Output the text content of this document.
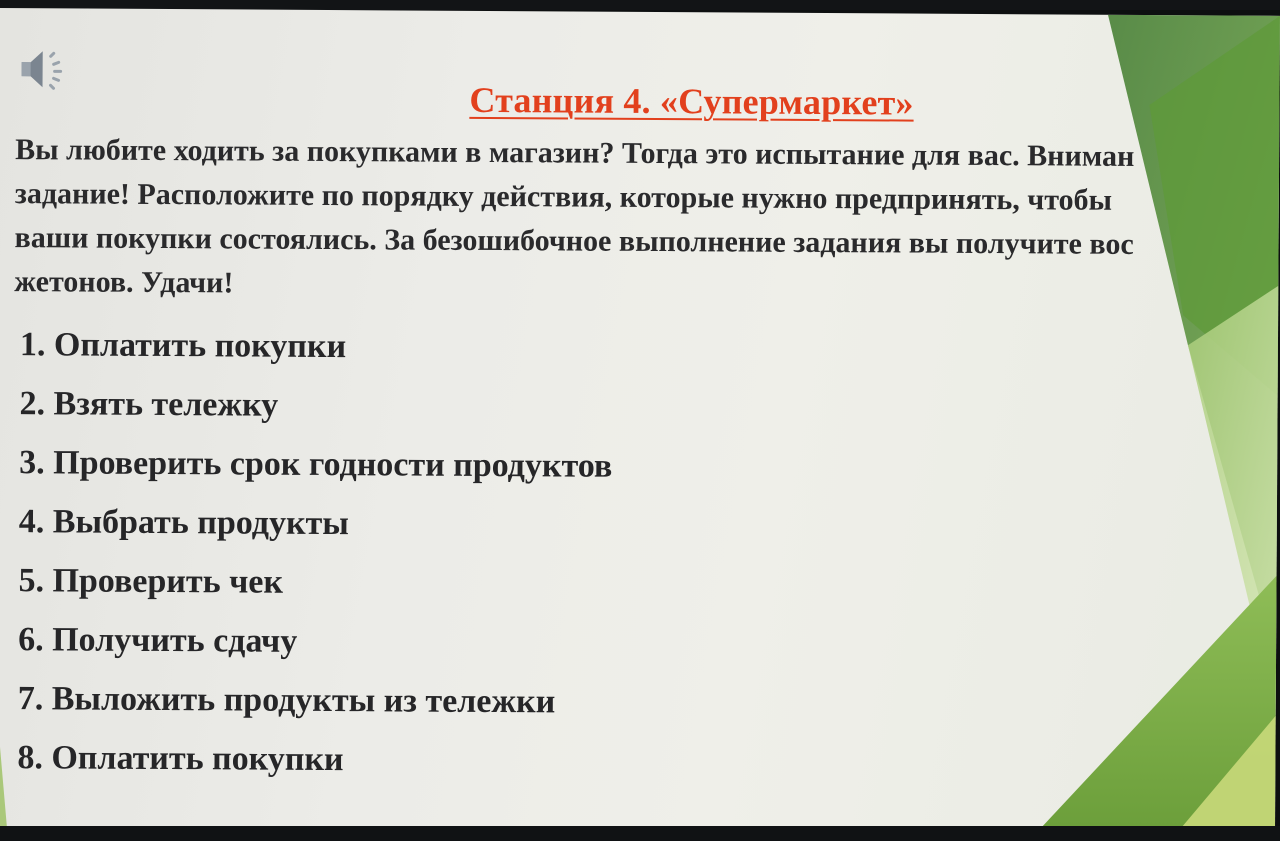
Станция 4. «Супермаркет»

Вы любите ходить за покупками в магазин? Тогда это испытание для вас. Вниман
задание! Расположите по порядку действия, которые нужно предпринять, чтобы
ваши покупки состоялись. За безошибочное выполнение задания вы получите вос
жетонов. Удачи!

1. Оплатить покупки
2. Взять тележку
3. Проверить срок годности продуктов
4. Выбрать продукты
5. Проверить чек
6. Получить сдачу
7. Выложить продукты из тележки
8. Оплатить покупки
